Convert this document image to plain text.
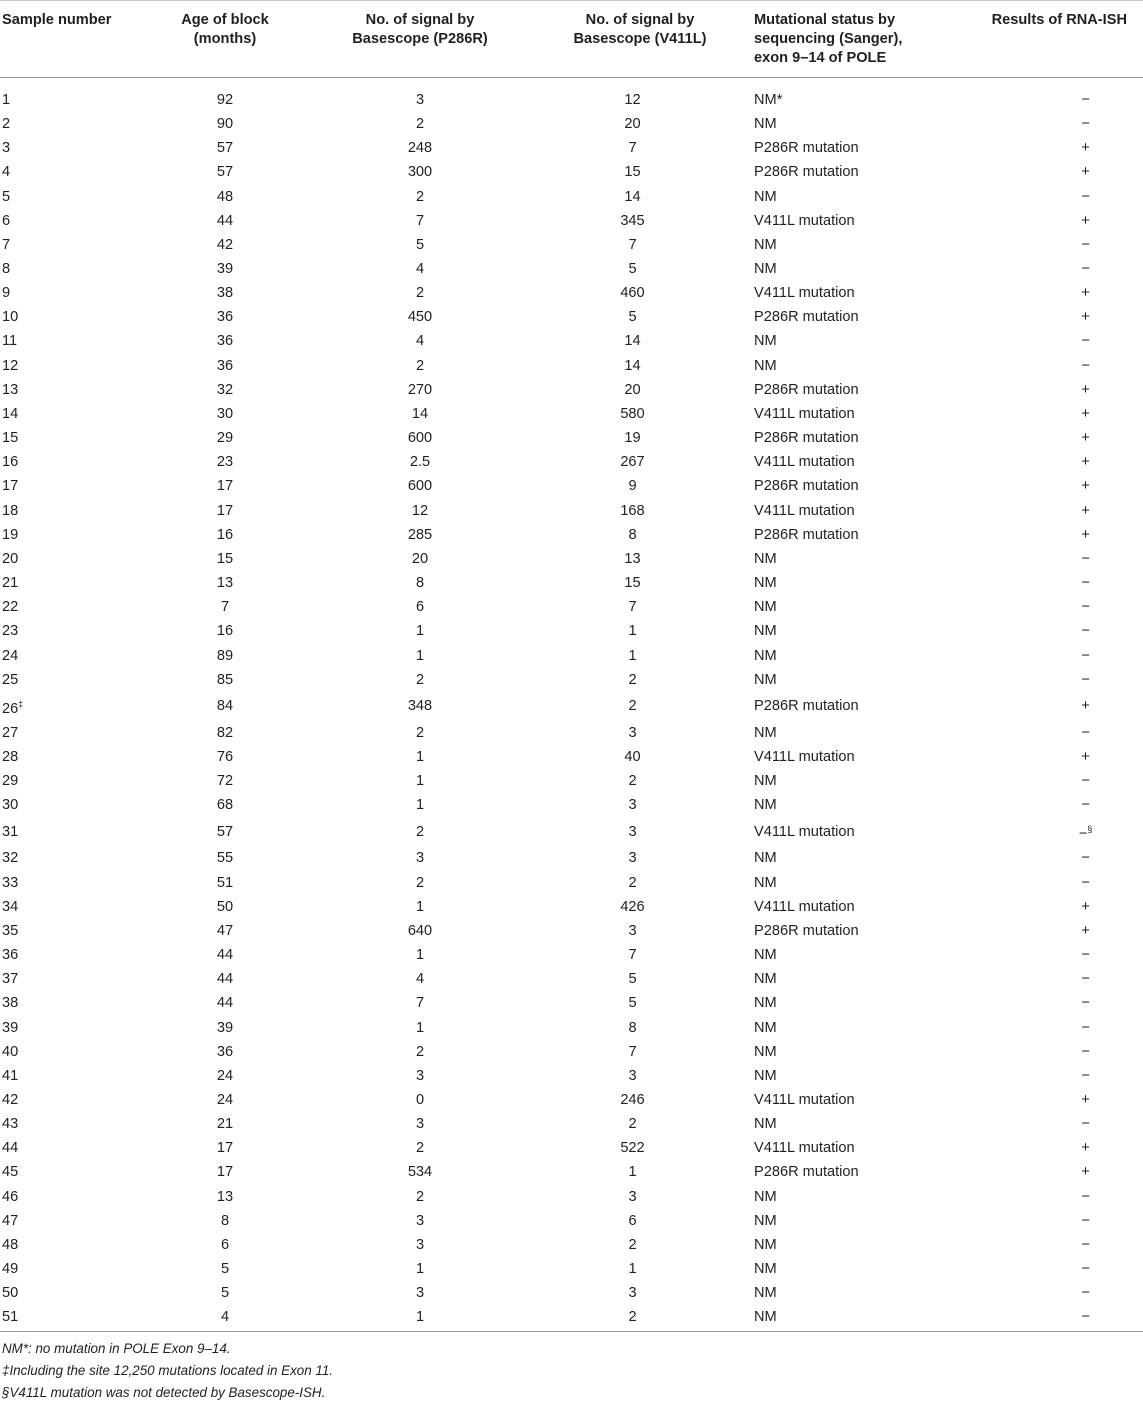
Sample number	Age of block (months)	No. of signal by Basescope (P286R)	No. of signal by Basescope (V411L)	Mutational status by sequencing (Sanger), exon 9–14 of POLE	Results of RNA-ISH
1	92	3	12	NM*	−
2	90	2	20	NM	−
3	57	248	7	P286R mutation	+
4	57	300	15	P286R mutation	+
5	48	2	14	NM	−
6	44	7	345	V411L mutation	+
7	42	5	7	NM	−
8	39	4	5	NM	−
9	38	2	460	V411L mutation	+
10	36	450	5	P286R mutation	+
11	36	4	14	NM	−
12	36	2	14	NM	−
13	32	270	20	P286R mutation	+
14	30	14	580	V411L mutation	+
15	29	600	19	P286R mutation	+
16	23	2.5	267	V411L mutation	+
17	17	600	9	P286R mutation	+
18	17	12	168	V411L mutation	+
19	16	285	8	P286R mutation	+
20	15	20	13	NM	−
21	13	8	15	NM	−
22	7	6	7	NM	−
23	16	1	1	NM	−
24	89	1	1	NM	−
25	85	2	2	NM	−
26‡	84	348	2	P286R mutation	+
27	82	2	3	NM	−
28	76	1	40	V411L mutation	+
29	72	1	2	NM	−
30	68	1	3	NM	−
31	57	2	3	V411L mutation	−§
32	55	3	3	NM	−
33	51	2	2	NM	−
34	50	1	426	V411L mutation	+
35	47	640	3	P286R mutation	+
36	44	1	7	NM	−
37	44	4	5	NM	−
38	44	7	5	NM	−
39	39	1	8	NM	−
40	36	2	7	NM	−
41	24	3	3	NM	−
42	24	0	246	V411L mutation	+
43	21	3	2	NM	−
44	17	2	522	V411L mutation	+
45	17	534	1	P286R mutation	+
46	13	2	3	NM	−
47	8	3	6	NM	−
48	6	3	2	NM	−
49	5	1	1	NM	−
50	5	3	3	NM	−
51	4	1	2	NM	−
NM*: no mutation in POLE Exon 9–14.
‡Including the site 12,250 mutations located in Exon 11.
§V411L mutation was not detected by Basescope-ISH.
